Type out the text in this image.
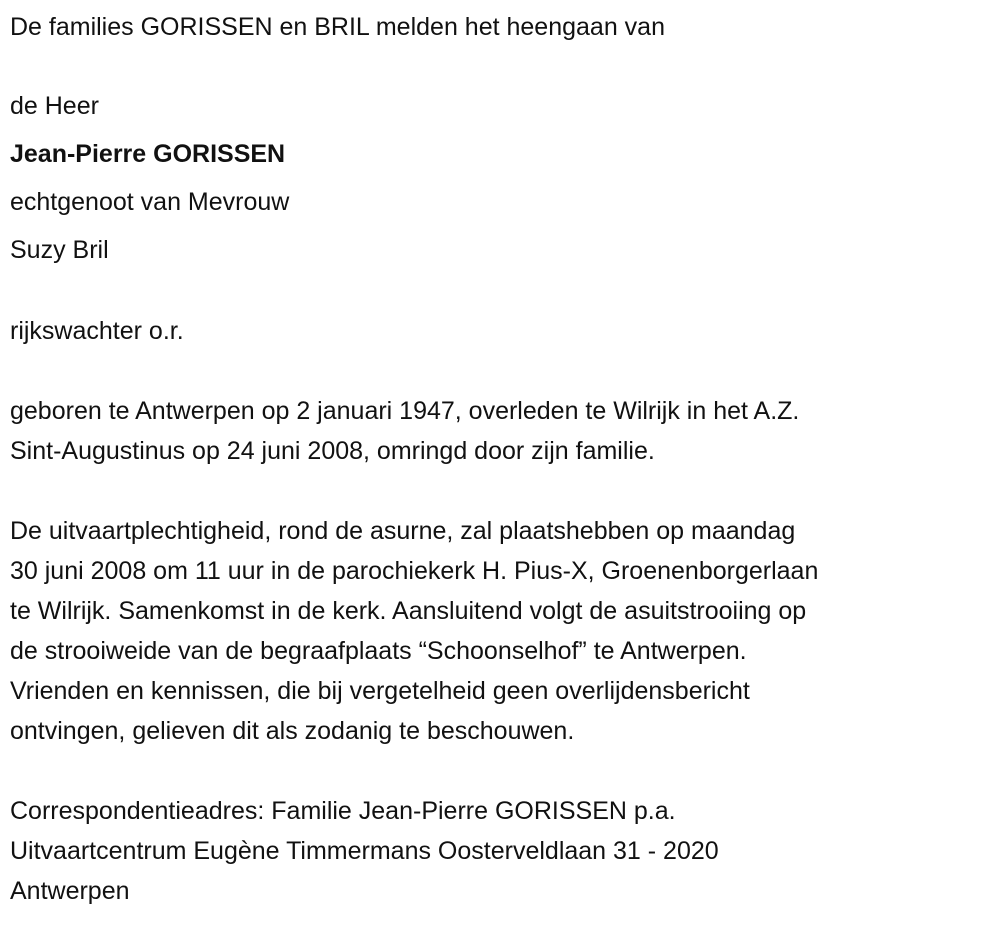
De families GORISSEN en BRIL melden het heengaan van
de Heer
Jean-Pierre GORISSEN
echtgenoot van Mevrouw
Suzy Bril
rijkswachter o.r.
geboren te Antwerpen op 2 januari 1947, overleden te Wilrijk in het A.Z.
Sint-Augustinus op 24 juni 2008, omringd door zijn familie.
De uitvaartplechtigheid, rond de asurne, zal plaatshebben op maandag
30 juni 2008 om 11 uur in de parochiekerk H. Pius-X, Groenenborgerlaan
te Wilrijk. Samenkomst in de kerk. Aansluitend volgt de asuitstrooiing op
de strooiweide van de begraafplaats “Schoonselhof” te Antwerpen.
Vrienden en kennissen, die bij vergetelheid geen overlijdensbericht
ontvingen, gelieven dit als zodanig te beschouwen.
Correspondentieadres: Familie Jean-Pierre GORISSEN p.a.
Uitvaartcentrum Eugène Timmermans Oosterveldlaan 31 - 2020
Antwerpen
